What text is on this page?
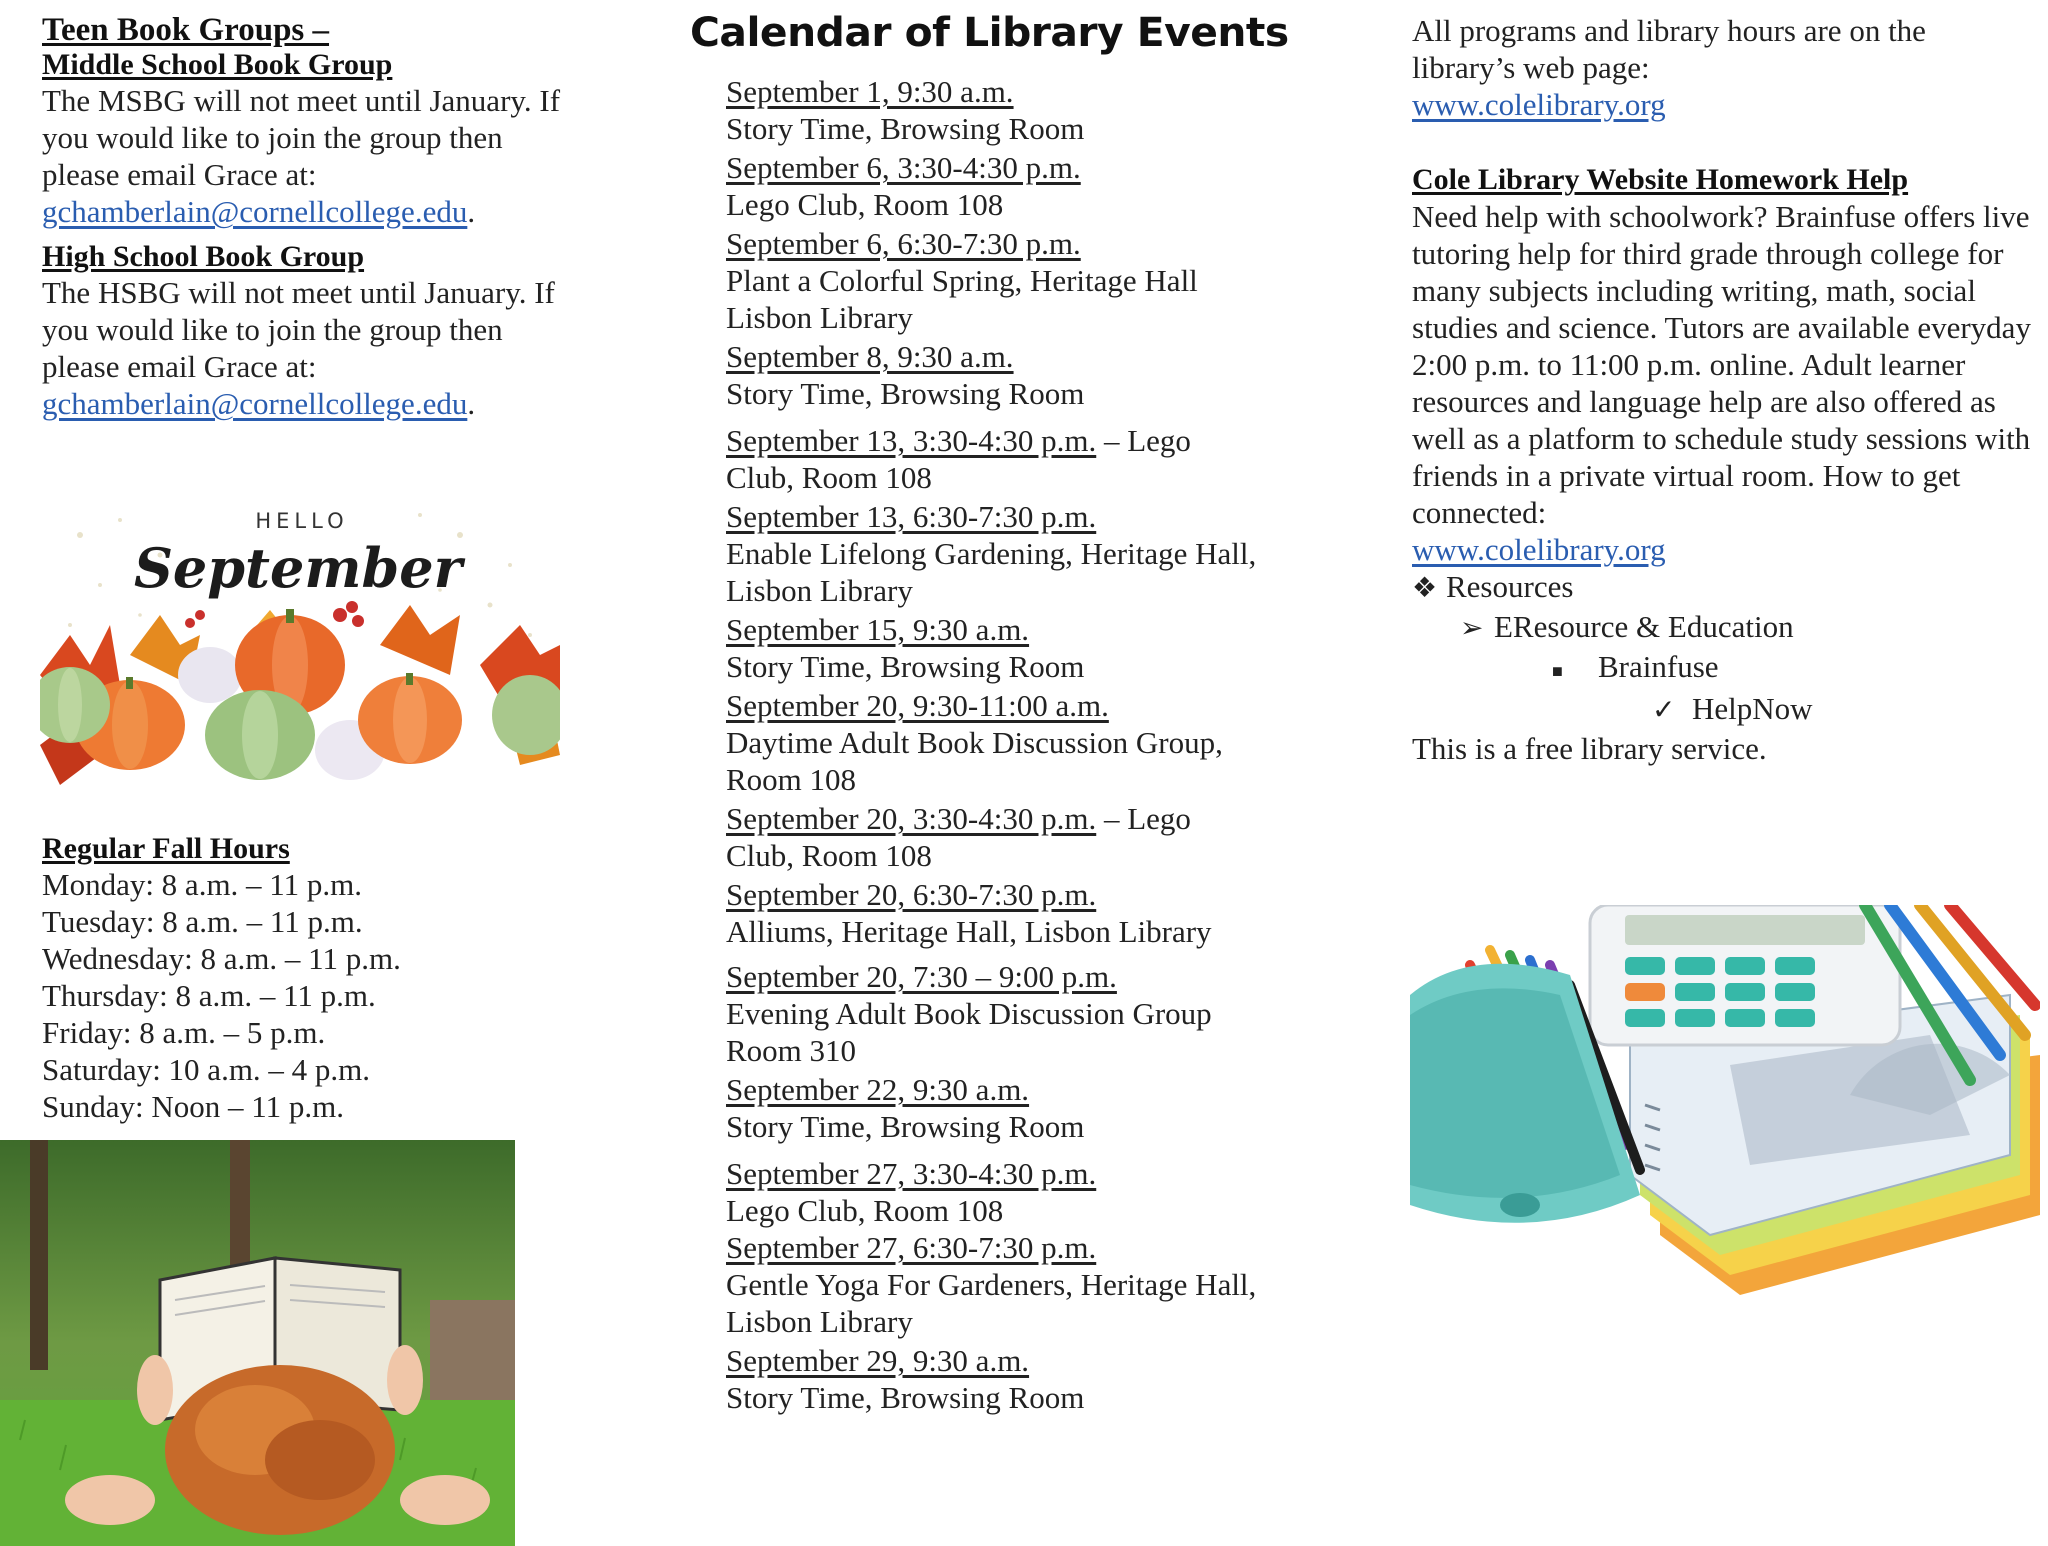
Teen Book Groups –
Middle School Book Group

The MSBG will not meet until January. If you would like to join the group then please email Grace at:

gchamberlain@cornellcollege.edu.

High School Book Group

The HSBG will not meet until January. If you would like to join the group then please email Grace at:

gchamberlain@cornellcollege.edu.

HELLO
September
Regular Fall Hours
Monday: 8 a.m. – 11 p.m.
Tuesday: 8 a.m. – 11 p.m.
Wednesday: 8 a.m. – 11 p.m.
Thursday: 8 a.m. – 11 p.m.
Friday: 8 a.m. – 5 p.m.
Saturday: 10 a.m. – 4 p.m.
Sunday: Noon – 11 p.m.
Calendar of Library Events
September 1, 9:30 a.m.
Story Time, Browsing Room
September 6, 3:30-4:30 p.m.
Lego Club, Room 108
September 6, 6:30-7:30 p.m.
Plant a Colorful Spring, Heritage Hall Lisbon Library
September 8, 9:30 a.m.
Story Time, Browsing Room
September 13, 3:30-4:30 p.m. – Lego
Club, Room 108
September 13, 6:30-7:30 p.m.
Enable Lifelong Gardening, Heritage Hall, Lisbon Library
September 15, 9:30 a.m.
Story Time, Browsing Room
September 20, 9:30-11:00 a.m.
Daytime Adult Book Discussion Group, Room 108
September 20, 3:30-4:30 p.m. – Lego
Club, Room 108
September 20, 6:30-7:30 p.m.
Alliums, Heritage Hall, Lisbon Library
September 20, 7:30 – 9:00 p.m.
Evening Adult Book Discussion Group Room 310
September 22, 9:30 a.m.
Story Time, Browsing Room
September 27, 3:30-4:30 p.m.
Lego Club, Room 108
September 27, 6:30-7:30 p.m.
Gentle Yoga For Gardeners, Heritage Hall, Lisbon Library
September 29, 9:30 a.m.
Story Time, Browsing Room

All programs and library hours are on the library’s web page:

www.colelibrary.org

Cole Library Website Homework Help

Need help with schoolwork? Brainfuse offers live tutoring help for third grade through college for many subjects including writing, math, social studies and science. Tutors are available everyday 2:00 p.m. to 11:00 p.m. online. Adult learner resources and language help are also offered as well as a platform to schedule study sessions with friends in a private virtual room. How to get connected:

www.colelibrary.org

❖ Resources
➢ EResource & Education
■ Brainfuse
✓ HelpNow

This is a free library service.
